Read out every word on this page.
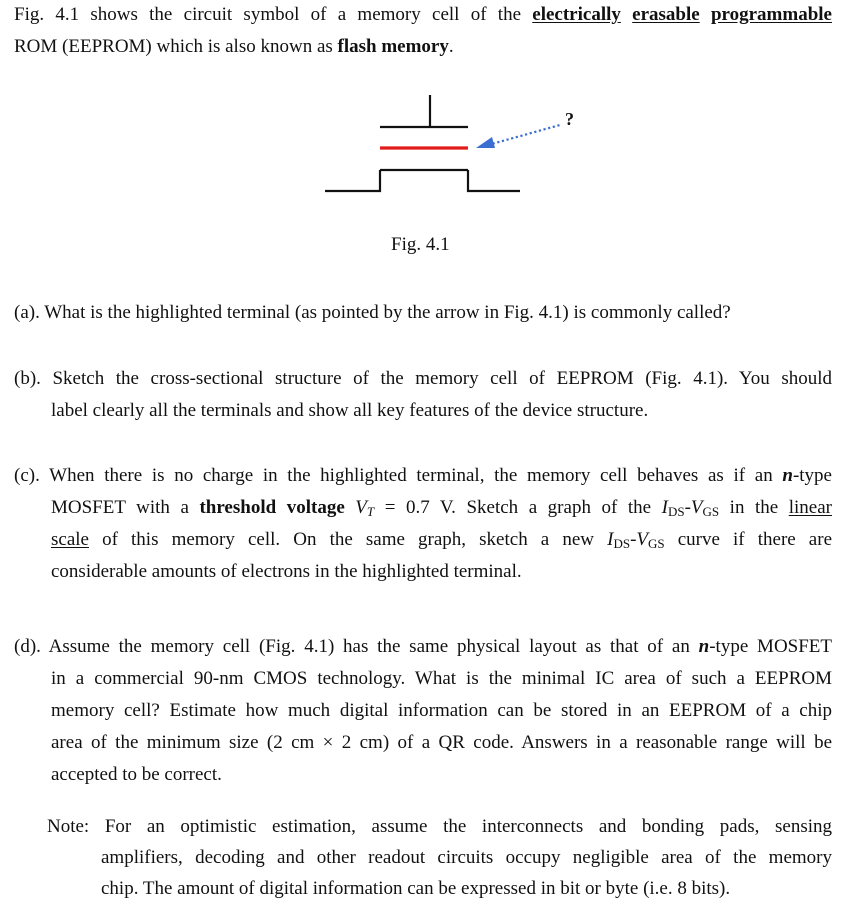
Fig. 4.1 shows the circuit symbol of a memory cell of the electrically erasable programmable
ROM (EEPROM) which is also known as flash memory.
?
Fig. 4.1
(a). What is the highlighted terminal (as pointed by the arrow in Fig. 4.1) is commonly called?
(b). Sketch the cross-sectional structure of the memory cell of EEPROM (Fig. 4.1). You should
label clearly all the terminals and show all key features of the device structure.
(c). When there is no charge in the highlighted terminal, the memory cell behaves as if an n-type
MOSFET with a threshold voltage $V_T = 0.7$ V. Sketch a graph of the $I_{DS}-V_{GS}$ in the linear
scale of this memory cell. On the same graph, sketch a new $I_{DS}-V_{GS}$ curve if there are
considerable amounts of electrons in the highlighted terminal.
(d). Assume the memory cell (Fig. 4.1) has the same physical layout as that of an n-type MOSFET
in a commercial 90-nm CMOS technology. What is the minimal IC area of such a EEPROM
memory cell? Estimate how much digital information can be stored in an EEPROM of a chip
area of the minimum size (2 cm × 2 cm) of a QR code. Answers in a reasonable range will be
accepted to be correct.
Note: For an optimistic estimation, assume the interconnects and bonding pads, sensing
amplifiers, decoding and other readout circuits occupy negligible area of the memory
chip. The amount of digital information can be expressed in bit or byte (i.e. 8 bits).
